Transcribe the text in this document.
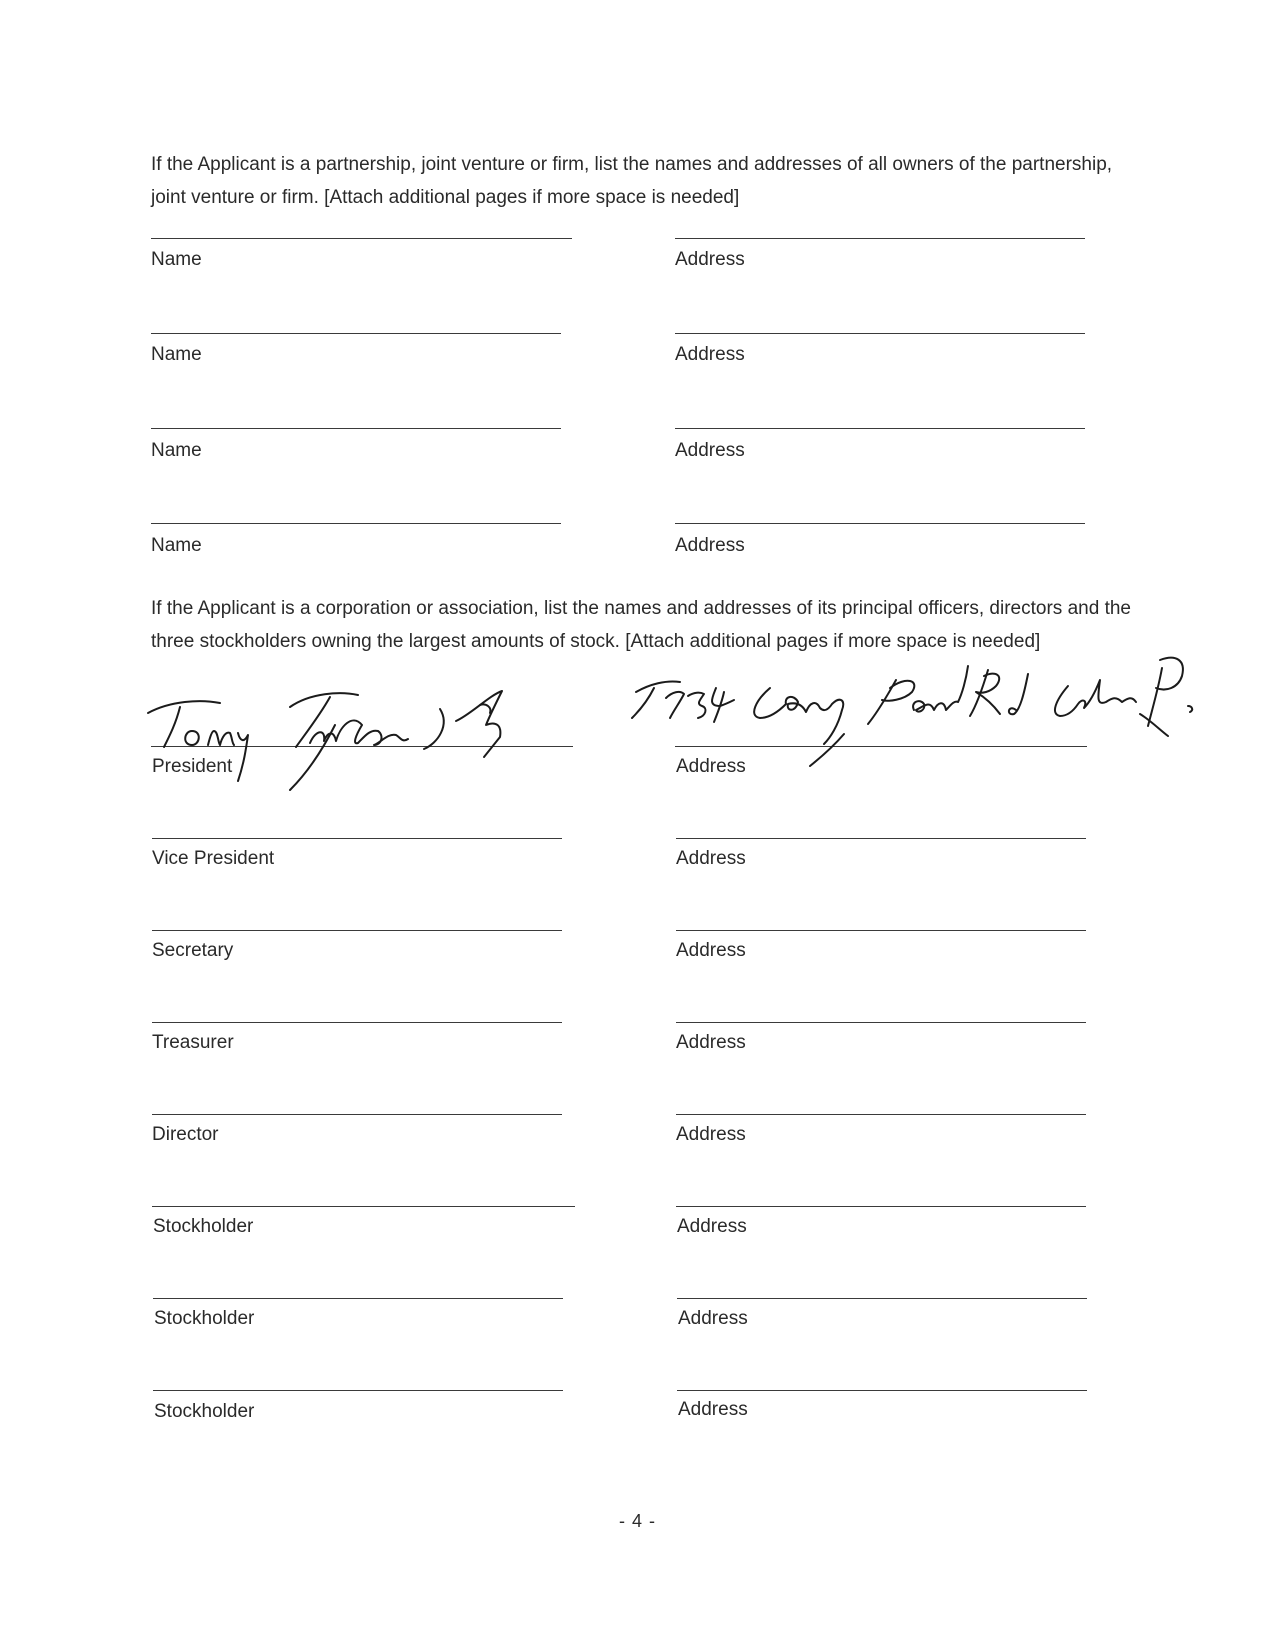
If the Applicant is a partnership, joint venture or firm, list the names and addresses of all owners of the partnership, joint venture or firm. [Attach additional pages if more space is needed]

Name	Address
Name	Address
Name	Address
Name	Address

If the Applicant is a corporation or association, list the names and addresses of its principal officers, directors and the three stockholders owning the largest amounts of stock. [Attach additional pages if more space is needed]

President	Address
Vice President	Address
Secretary	Address
Treasurer	Address
Director	Address
Stockholder	Address
Stockholder	Address
Stockholder	Address
- 4 -
